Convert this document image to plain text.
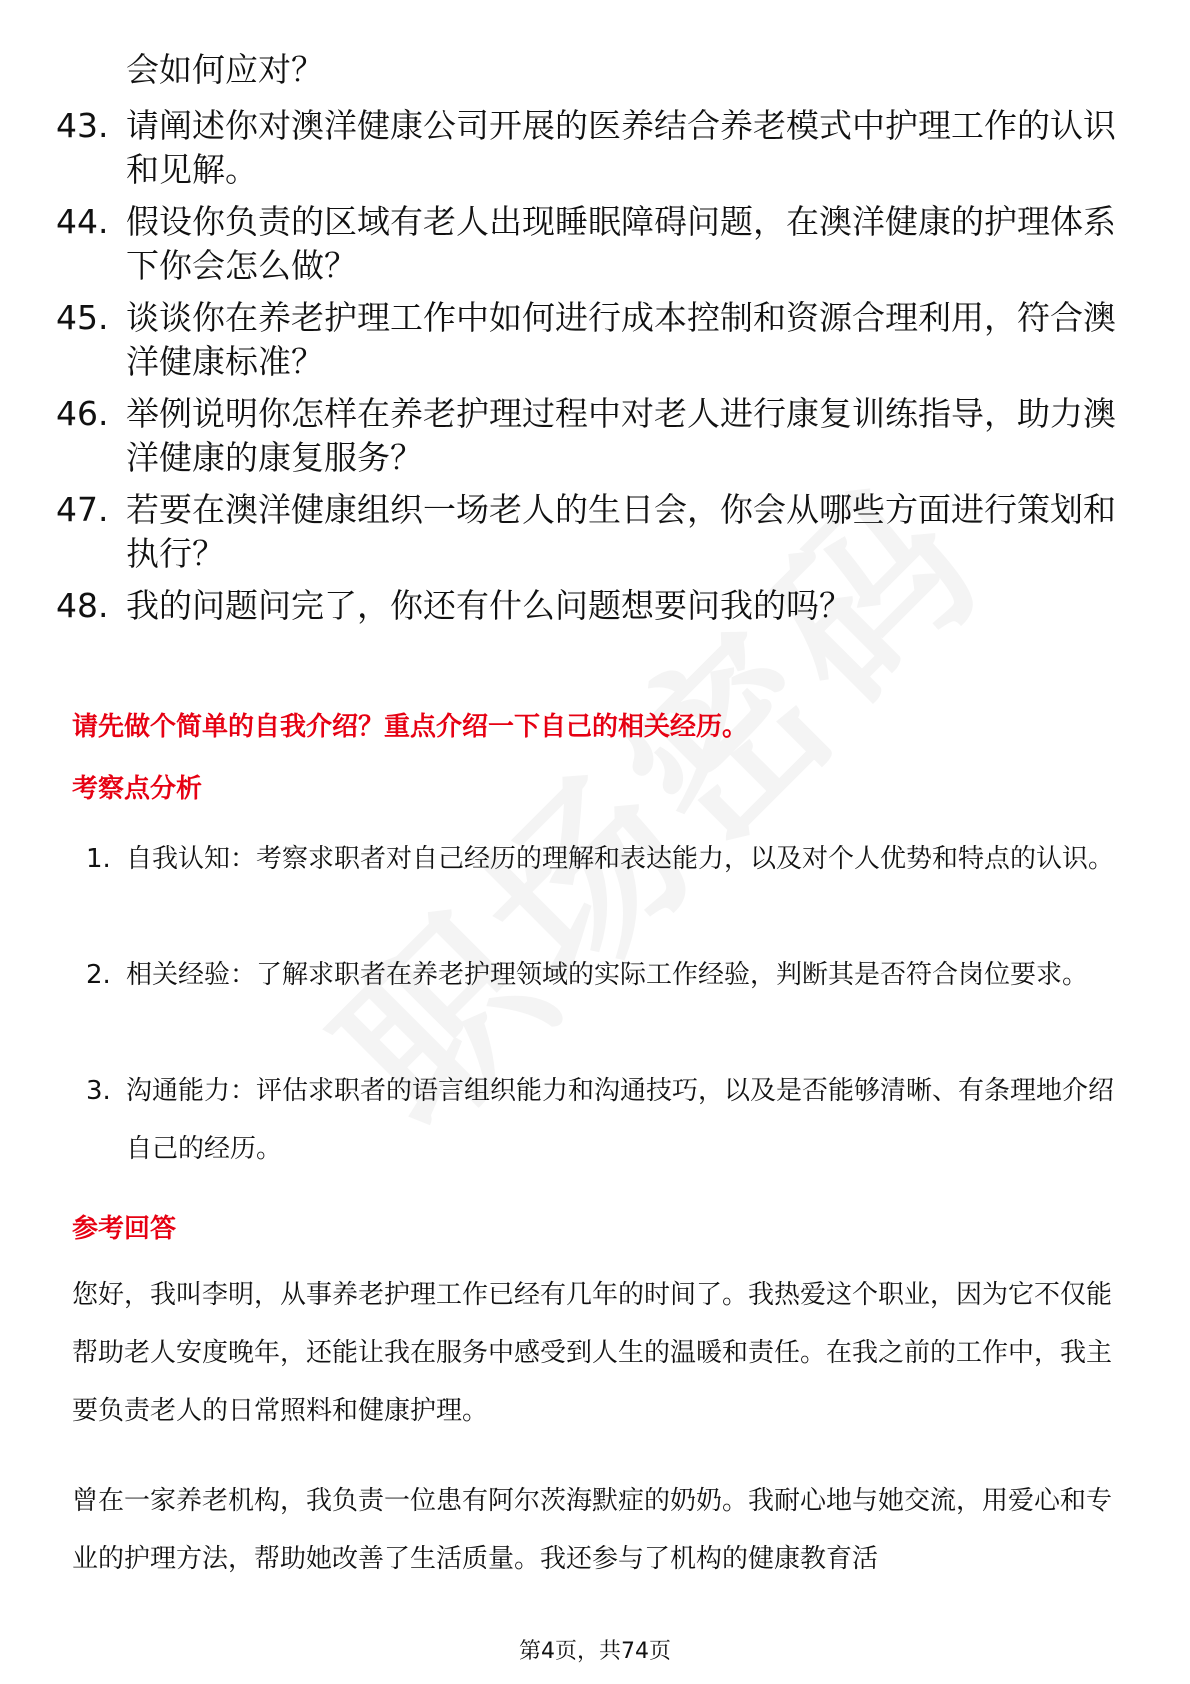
会如何应对？
43. 请阐述你对澳洋健康公司开展的医养结合养老模式中护理工作的认识和见解。
44. 假设你负责的区域有老人出现睡眠障碍问题，在澳洋健康的护理体系下你会怎么做？
45. 谈谈你在养老护理工作中如何进行成本控制和资源合理利用，符合澳洋健康标准？
46. 举例说明你怎样在养老护理过程中对老人进行康复训练指导，助力澳洋健康的康复服务？
47. 若要在澳洋健康组织一场老人的生日会，你会从哪些方面进行策划和执行？
48. 我的问题问完了，你还有什么问题想要问我的吗？
请先做个简单的自我介绍？重点介绍一下自己的相关经历。
考察点分析
1. 自我认知：考察求职者对自己经历的理解和表达能力，以及对个人优势和特点的认识。
2. 相关经验：了解求职者在养老护理领域的实际工作经验，判断其是否符合岗位要求。
3. 沟通能力：评估求职者的语言组织能力和沟通技巧，以及是否能够清晰、有条理地介绍自己的经历。
参考回答
您好，我叫李明，从事养老护理工作已经有几年的时间了。我热爱这个职业，因为它不仅能帮助老人安度晚年，还能让我在服务中感受到人生的温暖和责任。在我之前的工作中，我主要负责老人的日常照料和健康护理。
曾在一家养老机构，我负责一位患有阿尔茨海默症的奶奶。我耐心地与她交流，用爱心和专业的护理方法，帮助她改善了生活质量。我还参与了机构的健康教育活
第4页，共74页
